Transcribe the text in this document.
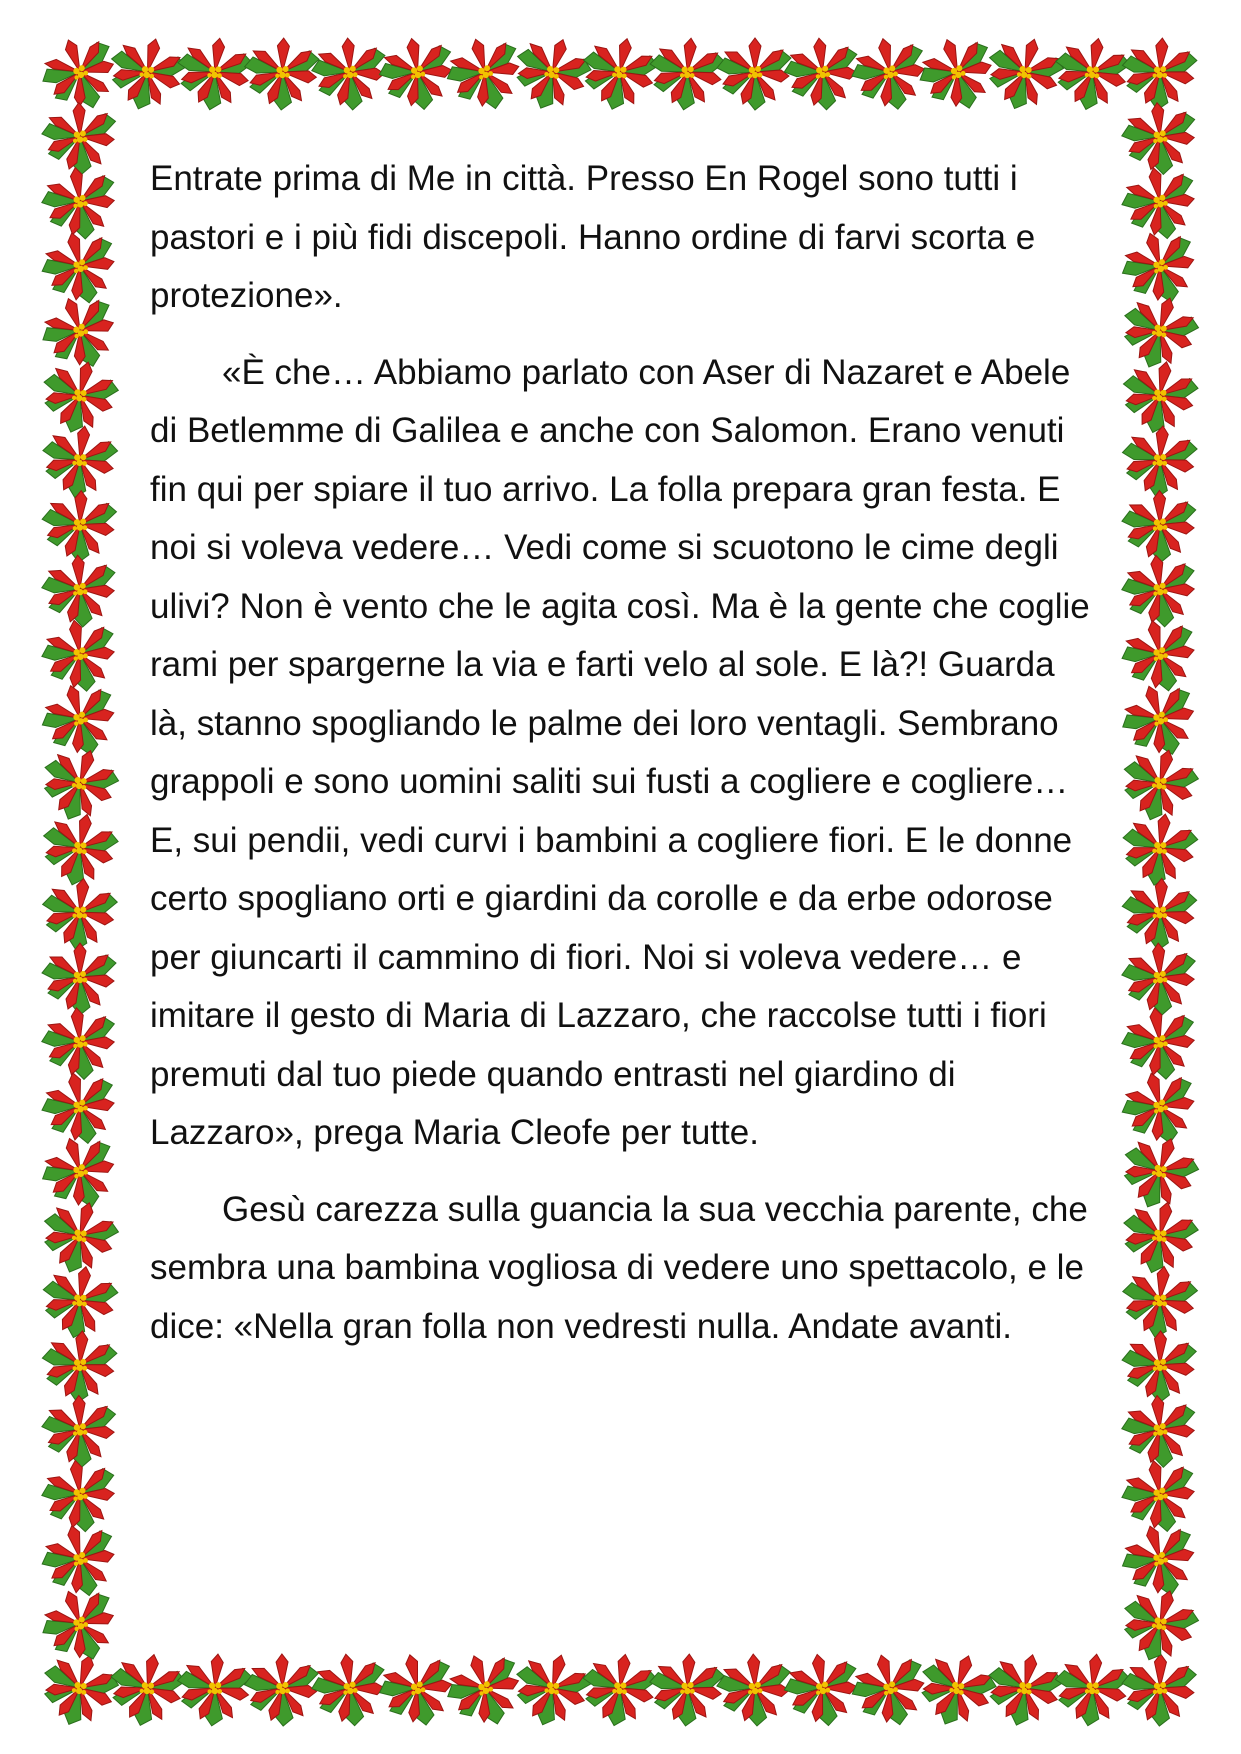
Entrate prima di Me in città. Presso En Rogel sono tutti i pastori e i più fidi discepoli. Hanno ordine di farvi scorta e protezione».

«È che… Abbiamo parlato con Aser di Nazaret e Abele di Betlemme di Galilea e anche con Salomon. Erano venuti fin qui per spiare il tuo arrivo. La folla prepara gran festa. E noi si voleva vedere… Vedi come si scuotono le cime degli ulivi? Non è vento che le agita così. Ma è la gente che coglie rami per spargerne la via e farti velo al sole. E là?! Guarda là, stanno spogliando le palme dei loro ventagli. Sembrano grappoli e sono uomini saliti sui fusti a cogliere e cogliere… E, sui pendii, vedi curvi i bambini a cogliere fiori. E le donne certo spogliano orti e giardini da corolle e da erbe odorose per giuncarti il cammino di fiori. Noi si voleva vedere… e imitare il gesto di Maria di Lazzaro, che raccolse tutti i fiori premuti dal tuo piede quando entrasti nel giardino di Lazzaro», prega Maria Cleofe per tutte.

Gesù carezza sulla guancia la sua vecchia parente, che sembra una bambina vogliosa di vedere uno spettacolo, e le dice: «Nella gran folla non vedresti nulla. Andate avanti.
